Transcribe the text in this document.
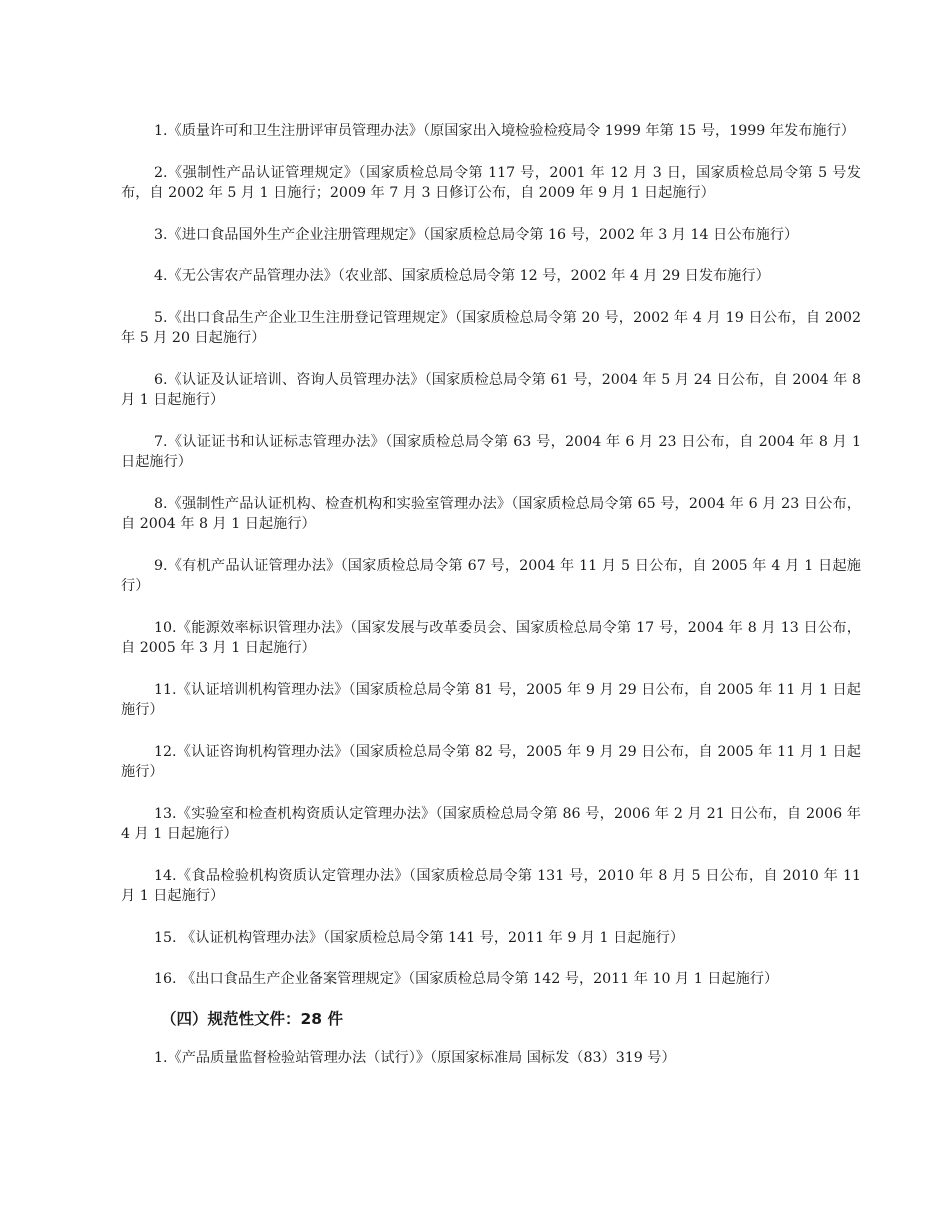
1.《质量许可和卫生注册评审员管理办法》（原国家出入境检验检疫局令 1999 年第 15 号，1999 年发布施行）

2.《强制性产品认证管理规定》（国家质检总局令第 117 号，2001 年 12 月 3 日，国家质检总局令第 5 号发布，自 2002 年 5 月 1 日施行；2009 年 7 月 3 日修订公布，自 2009 年 9 月 1 日起施行）

3.《进口食品国外生产企业注册管理规定》（国家质检总局令第 16 号，2002 年 3 月 14 日公布施行）

4.《无公害农产品管理办法》（农业部、国家质检总局令第 12 号，2002 年 4 月 29 日发布施行）

5.《出口食品生产企业卫生注册登记管理规定》（国家质检总局令第 20 号，2002 年 4 月 19 日公布，自 2002 年 5 月 20 日起施行）

6.《认证及认证培训、咨询人员管理办法》（国家质检总局令第 61 号，2004 年 5 月 24 日公布，自 2004 年 8 月 1 日起施行）

7.《认证证书和认证标志管理办法》（国家质检总局令第 63 号，2004 年 6 月 23 日公布，自 2004 年 8 月 1 日起施行）

8.《强制性产品认证机构、检查机构和实验室管理办法》（国家质检总局令第 65 号，2004 年 6 月 23 日公布，自 2004 年 8 月 1 日起施行）

9.《有机产品认证管理办法》（国家质检总局令第 67 号，2004 年 11 月 5 日公布，自 2005 年 4 月 1 日起施行）

10.《能源效率标识管理办法》（国家发展与改革委员会、国家质检总局令第 17 号，2004 年 8 月 13 日公布，自 2005 年 3 月 1 日起施行）

11.《认证培训机构管理办法》（国家质检总局令第 81 号，2005 年 9 月 29 日公布，自 2005 年 11 月 1 日起施行）

12.《认证咨询机构管理办法》（国家质检总局令第 82 号，2005 年 9 月 29 日公布，自 2005 年 11 月 1 日起施行）

13.《实验室和检查机构资质认定管理办法》（国家质检总局令第 86 号，2006 年 2 月 21 日公布，自 2006 年 4 月 1 日起施行）

14.《食品检验机构资质认定管理办法》（国家质检总局令第 131 号，2010 年 8 月 5 日公布，自 2010 年 11 月 1 日起施行）

15. 《认证机构管理办法》（国家质检总局令第 141 号，2011 年 9 月 1 日起施行）

16. 《出口食品生产企业备案管理规定》（国家质检总局令第 142 号，2011 年 10 月 1 日起施行）

（四）规范性文件：28 件

1.《产品质量监督检验站管理办法（试行）》（原国家标准局 国标发（83）319 号）
